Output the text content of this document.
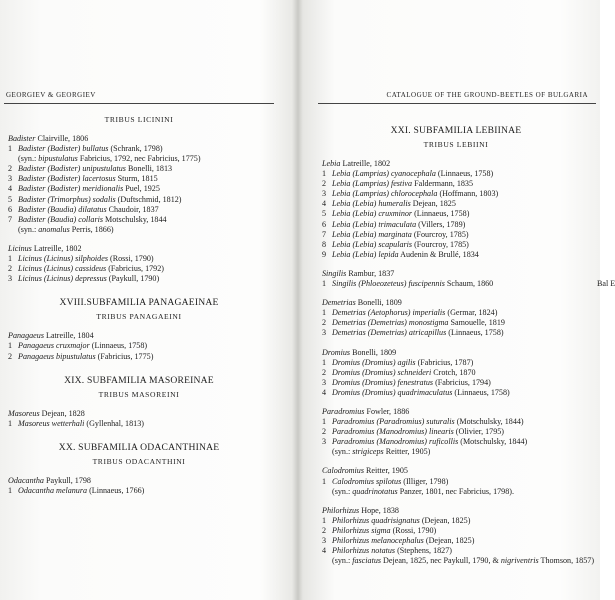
GEORGIEV & GEORGIEV
TRIBUS LICININI
Badister Clairville, 1806
1 Badister (Badister) bullatus (Schrank, 1798)
(syn.: bipustulatus Fabricius, 1792, nec Fabricius, 1775)
2 Badister (Badister) unipustulatus Bonelli, 1813
3 Badister (Badister) lacertosus Sturm, 1815
4 Badister (Badister) meridionalis Puel, 1925
5 Badister (Trimorphus) sodalis (Duftschmid, 1812)
6 Badister (Baudia) dilatatus Chaudoir, 1837
7 Badister (Baudia) collaris Motschulsky, 1844
(syn.: anomalus Perris, 1866)
Licinus Latreille, 1802
1 Licinus (Licinus) silphoides (Rossi, 1790)
2 Licinus (Licinus) cassideus (Fabricius, 1792)
3 Licinus (Licinus) depressus (Paykull, 1790)
XVIII.SUBFAMILIA PANAGAEINAE
TRIBUS PANAGAEINI
Panagaeus Latreille, 1804
1 Panagaeus cruxmajor (Linnaeus, 1758)
2 Panagaeus bipustulatus (Fabricius, 1775)
XIX. SUBFAMILIA MASOREINAE
TRIBUS MASOREINI
Masoreus Dejean, 1828
1 Masoreus wetterhali (Gyllenhal, 1813)
XX. SUBFAMILIA ODACANTHINAE
TRIBUS ODACANTHINI
Odacantha Paykull, 1798
1 Odacantha melanura (Linnaeus, 1766)
CATALOGUE OF THE GROUND-BEETLES OF BULGARIA
XXI. SUBFAMILIA LEBIINAE
TRIBUS LEBIINI
Lebia Latreille, 1802
1 Lebia (Lamprias) cyanocephala (Linnaeus, 1758)
2 Lebia (Lamprias) festiva Faldermann, 1835
3 Lebia (Lamprias) chlorocephala (Hoffmann, 1803)
4 Lebia (Lebia) humeralis Dejean, 1825
5 Lebia (Lebia) cruxminor (Linnaeus, 1758)
6 Lebia (Lebia) trimaculata (Villers, 1789)
7 Lebia (Lebia) marginata (Fourcroy, 1785)
8 Lebia (Lebia) scapularis (Fourcroy, 1785)
9 Lebia (Lebia) lepida Audenin & Brullé, 1834
Singilis Rambur, 1837
1 Singilis (Phloeozeteus) fuscipennis Schaum, 1860	Bal E
Demetrias Bonelli, 1809
1 Demetrias (Aetophorus) imperialis (Germar, 1824)
2 Demetrias (Demetrias) monostigma Samouelle, 1819
3 Demetrias (Demetrias) atricapillus (Linnaeus, 1758)
Dromius Bonelli, 1809
1 Dromius (Dromius) agilis (Fabricius, 1787)
2 Dromius (Dromius) schneideri Crotch, 1870
3 Dromius (Dromius) fenestratus (Fabricius, 1794)
4 Dromius (Dromius) quadrimaculatus (Linnaeus, 1758)
Paradromius Fowler, 1886
1 Paradromius (Paradromius) suturalis (Motschulsky, 1844)
2 Paradromius (Manodromius) linearis (Olivier, 1795)
3 Paradromius (Manodromius) ruficollis (Motschulsky, 1844)
(syn.: strigiceps Reitter, 1905)
Calodromius Reitter, 1905
1 Calodromius spilotus (Illiger, 1798)
(syn.: quadrinotatus Panzer, 1801, nec Fabricius, 1798).
Philorhizus Hope, 1838
1 Philorhizus quadrisignatus (Dejean, 1825)
2 Philorhizus sigma (Rossi, 1790)
3 Philorhizus melanocephalus (Dejean, 1825)
4 Philorhizus notatus (Stephens, 1827)
(syn.: fasciatus Dejean, 1825, nec Paykull, 1790, & nigriventris Thomson, 1857)
